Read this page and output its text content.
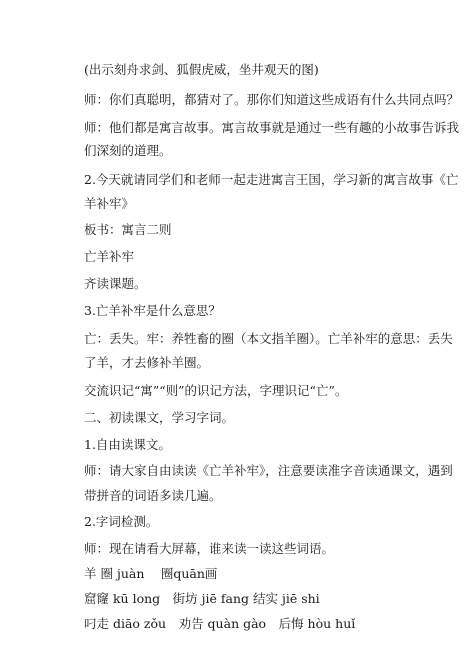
(出示刻舟求剑、狐假虎威，坐井观天的图)
师：你们真聪明，都猜对了。那你们知道这些成语有什么共同点吗？
师：他们都是寓言故事。寓言故事就是通过一些有趣的小故事告诉我
们深刻的道理。
2.今天就请同学们和老师一起走进寓言王国，学习新的寓言故事《亡
羊补牢》
板书：寓言二则
亡羊补牢
齐读课题。
3.亡羊补牢是什么意思？
亡：丢失。牢：养牲畜的圈（本文指羊圈）。亡羊补牢的意思：丢失
了羊，才去修补羊圈。
交流识记“寓”“则”的识记方法，字理识记“亡”。
二、初读课文，学习字词。
1.自由读课文。
师：请大家自由读读《亡羊补牢》，注意要读准字音读通课文，遇到
带拼音的词语多读几遍。
2.字词检测。
师：现在请看大屏幕，谁来读一读这些词语。
羊 圈 juàn　 圈quān画
窟窿 kū long　街坊 jiē fang 结实 jiē shi
叼走 diāo zǒu　劝告 quàn gào　后悔 hòu huǐ
